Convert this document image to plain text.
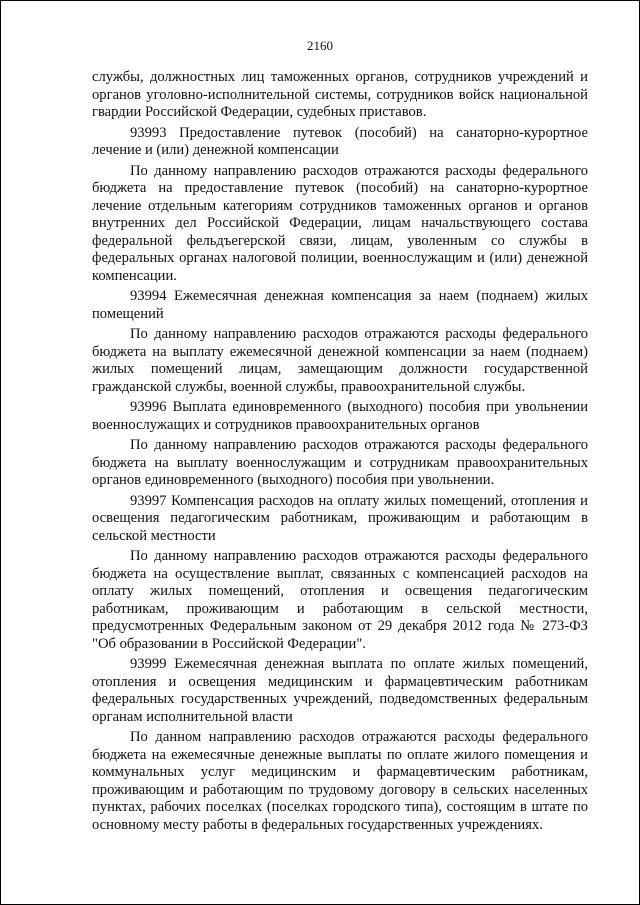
2160

службы, должностных лиц таможенных органов, сотрудников учреждений и органов уголовно-исполнительной системы, сотрудников войск национальной гвардии Российской Федерации, судебных приставов.

93993 Предоставление путевок (пособий) на санаторно-курортное лечение и (или) денежной компенсации

По данному направлению расходов отражаются расходы федерального бюджета на предоставление путевок (пособий) на санаторно-курортное лечение отдельным категориям сотрудников таможенных органов и органов внутренних дел Российской Федерации, лицам начальствующего состава федеральной фельдъегерской связи, лицам, уволенным со службы в федеральных органах налоговой полиции, военнослужащим и (или) денежной компенсации.

93994 Ежемесячная денежная компенсация за наем (поднаем) жилых помещений

По данному направлению расходов отражаются расходы федерального бюджета на выплату ежемесячной денежной компенсации за наем (поднаем) жилых помещений лицам, замещающим должности государственной гражданской службы, военной службы, правоохранительной службы.

93996 Выплата единовременного (выходного) пособия при увольнении военнослужащих и сотрудников правоохранительных органов

По данному направлению расходов отражаются расходы федерального бюджета на выплату военнослужащим и сотрудникам правоохранительных органов единовременного (выходного) пособия при увольнении.

93997 Компенсация расходов на оплату жилых помещений, отопления и освещения педагогическим работникам, проживающим и работающим в сельской местности

По данному направлению расходов отражаются расходы федерального бюджета на осуществление выплат, связанных с компенсацией расходов на оплату жилых помещений, отопления и освещения педагогическим работникам, проживающим и работающим в сельской местности, предусмотренных Федеральным законом от 29 декабря 2012 года № 273-ФЗ "Об образовании в Российской Федерации".

93999 Ежемесячная денежная выплата по оплате жилых помещений, отопления и освещения медицинским и фармацевтическим работникам федеральных государственных учреждений, подведомственных федеральным органам исполнительной власти

По данном направлению расходов отражаются расходы федерального бюджета на ежемесячные денежные выплаты по оплате жилого помещения и коммунальных услуг медицинским и фармацевтическим работникам, проживающим и работающим по трудовому договору в сельских населенных пунктах, рабочих поселках (поселках городского типа), состоящим в штате по основному месту работы в федеральных государственных учреждениях.
